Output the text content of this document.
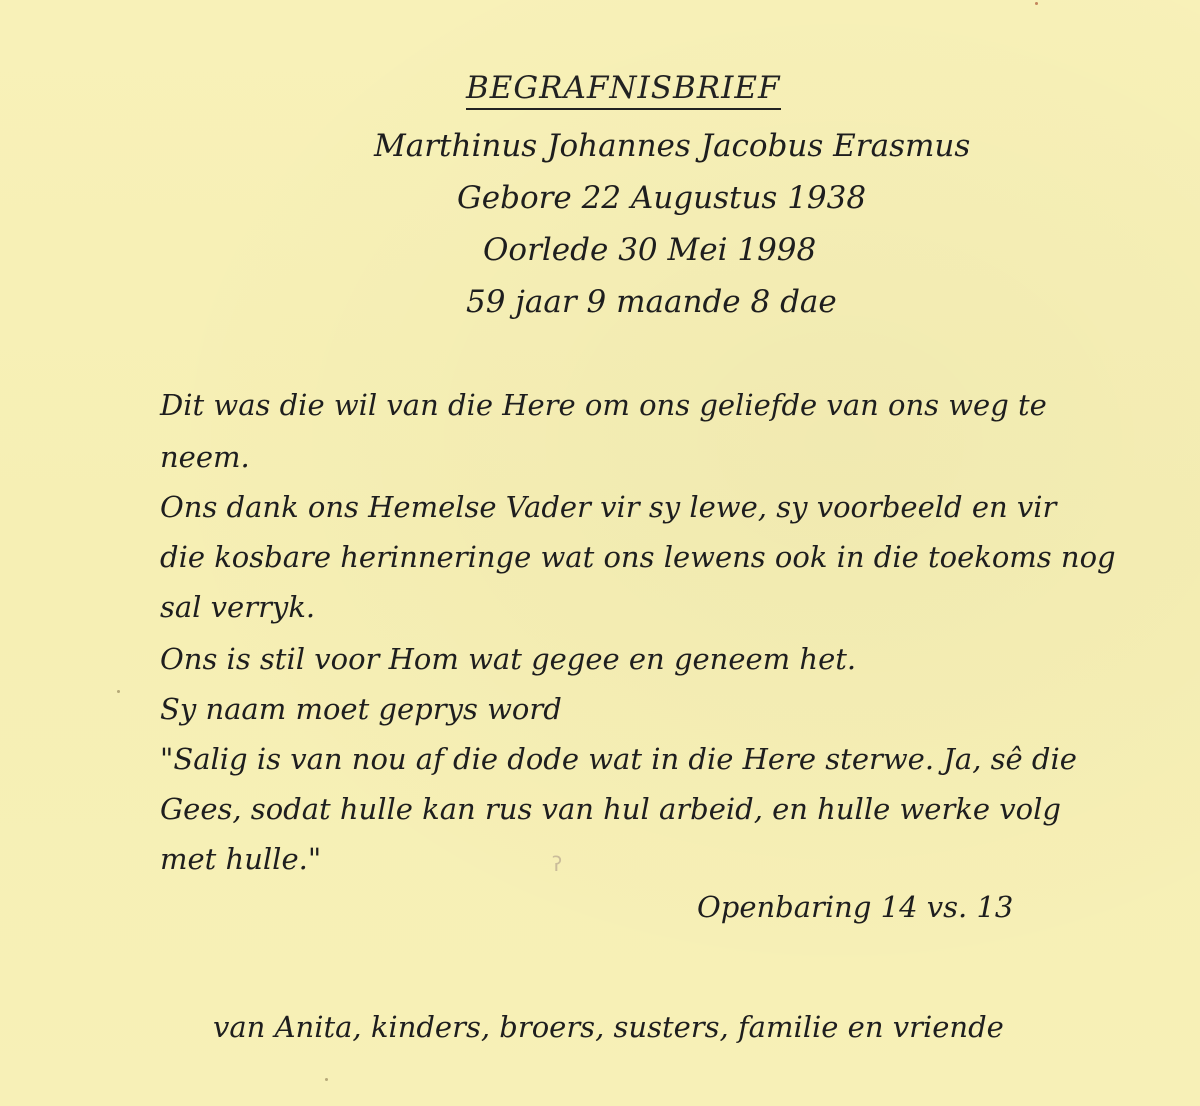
BEGRAFNISBRIEF
Marthinus Johannes Jacobus Erasmus
Gebore 22 Augustus 1938
Oorlede 30 Mei 1998
59 jaar 9 maande 8 dae
Dit was die wil van die Here om ons geliefde van ons weg te
neem.
Ons dank ons Hemelse Vader vir sy lewe, sy voorbeeld en vir
die kosbare herinneringe wat ons lewens ook in die toekoms nog
sal verryk.
Ons is stil voor Hom wat gegee en geneem het.
Sy naam moet geprys word
"Salig is van nou af die dode wat in die Here sterwe. Ja, sê die
Gees, sodat hulle kan rus van hul arbeid, en hulle werke volg
met hulle."
Openbaring 14 vs. 13
van Anita, kinders, broers, susters, familie en vriende
ʔ
